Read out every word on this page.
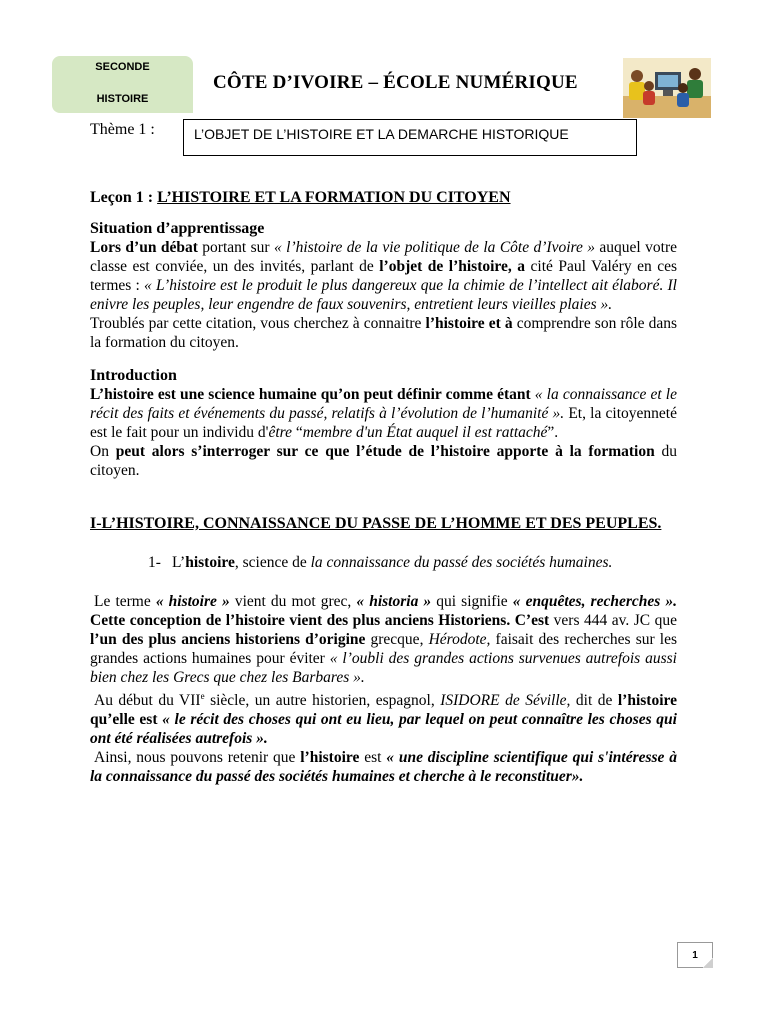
SECONDE
HISTOIRE
CÔTE D’IVOIRE – ÉCOLE NUMÉRIQUE
Thème 1 :	L’OBJET DE L’HISTOIRE ET LA DEMARCHE HISTORIQUE
Leçon 1 : L’HISTOIRE ET LA FORMATION DU CITOYEN
Situation d’apprentissage

Lors d’un débat portant sur « l’histoire de la vie politique de la Côte d’Ivoire » auquel votre classe est conviée, un des invités, parlant de l’objet de l’histoire, a cité Paul Valéry en ces termes : « L’histoire est le produit le plus dangereux que la chimie de l’intellect ait élaboré. Il enivre les peuples, leur engendre de faux souvenirs, entretient leurs vieilles plaies ».

Troublés par cette citation, vous cherchez à connaitre l’histoire et à comprendre son rôle dans la formation du citoyen.

Introduction

L’histoire est une science humaine qu’on peut définir comme étant « la connaissance et le récit des faits et événements du passé, relatifs à l’évolution de l’humanité ». Et, la citoyenneté est le fait pour un individu d'être “membre d'un État auquel il est rattaché”.

On peut alors s’interroger sur ce que l’étude de l’histoire apporte à la formation du citoyen.

I-L’HISTOIRE, CONNAISSANCE DU PASSE DE L’HOMME ET DES PEUPLES.
1- L’histoire, science de la connaissance du passé des sociétés humaines.

Le terme « histoire » vient du mot grec, « historia » qui signifie « enquêtes, recherches ». Cette conception de l’histoire vient des plus anciens Historiens. C’est vers 444 av. JC que l’un des plus anciens historiens d’origine grecque, Hérodote, faisait des recherches sur les grandes actions humaines pour éviter « l’oubli des grandes actions survenues autrefois aussi bien chez les Grecs que chez les Barbares ».

Au début du VIIe siècle, un autre historien, espagnol, ISIDORE de Séville, dit de l’histoire qu’elle est « le récit des choses qui ont eu lieu, par lequel on peut connaître les choses qui ont été réalisées autrefois ».

Ainsi, nous pouvons retenir que l’histoire est « une discipline scientifique qui s'intéresse à la connaissance du passé des sociétés humaines et cherche à le reconstituer».

1
